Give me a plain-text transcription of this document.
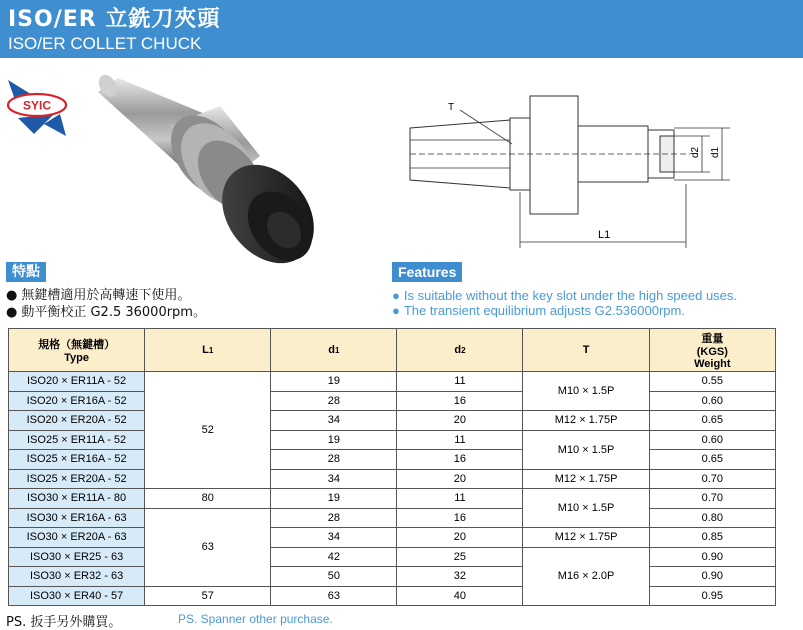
ISO/ER 立銑刀夾頭
ISO/ER COLLET CHUCK
SYIC	T
d2 d1
L1
特點	Features
● 無鍵槽適用於高轉速下使用。
● 動平衡校正 G2.5 36000rpm。
● Is suitable without the key slot under the high speed uses.
● The transient equilibrium adjusts G2.536000rpm.
規格（無鍵槽）
Type	L1	d1	d2	T	重量
(KGS)
Weight
ISO20 × ER11A - 52	52	19	11	M10 × 1.5P	0.55
ISO20 × ER16A - 52		28	16		0.60
ISO20 × ER20A - 52		34	20	M12 × 1.75P	0.65
ISO25 × ER11A - 52		19	11	M10 × 1.5P	0.60
ISO25 × ER16A - 52		28	16		0.65
ISO25 × ER20A - 52		34	20	M12 × 1.75P	0.70
ISO30 × ER11A - 80	80	19	11	M10 × 1.5P	0.70
ISO30 × ER16A - 63	63	28	16		0.80
ISO30 × ER20A - 63		34	20	M12 × 1.75P	0.85
ISO30 × ER25 - 63		42	25	M16 × 2.0P	0.90
ISO30 × ER32 - 63		50	32		0.90
ISO30 × ER40 - 57	57	63	40		0.95
PS. 扳手另外購買。	PS. Spanner other purchase.
